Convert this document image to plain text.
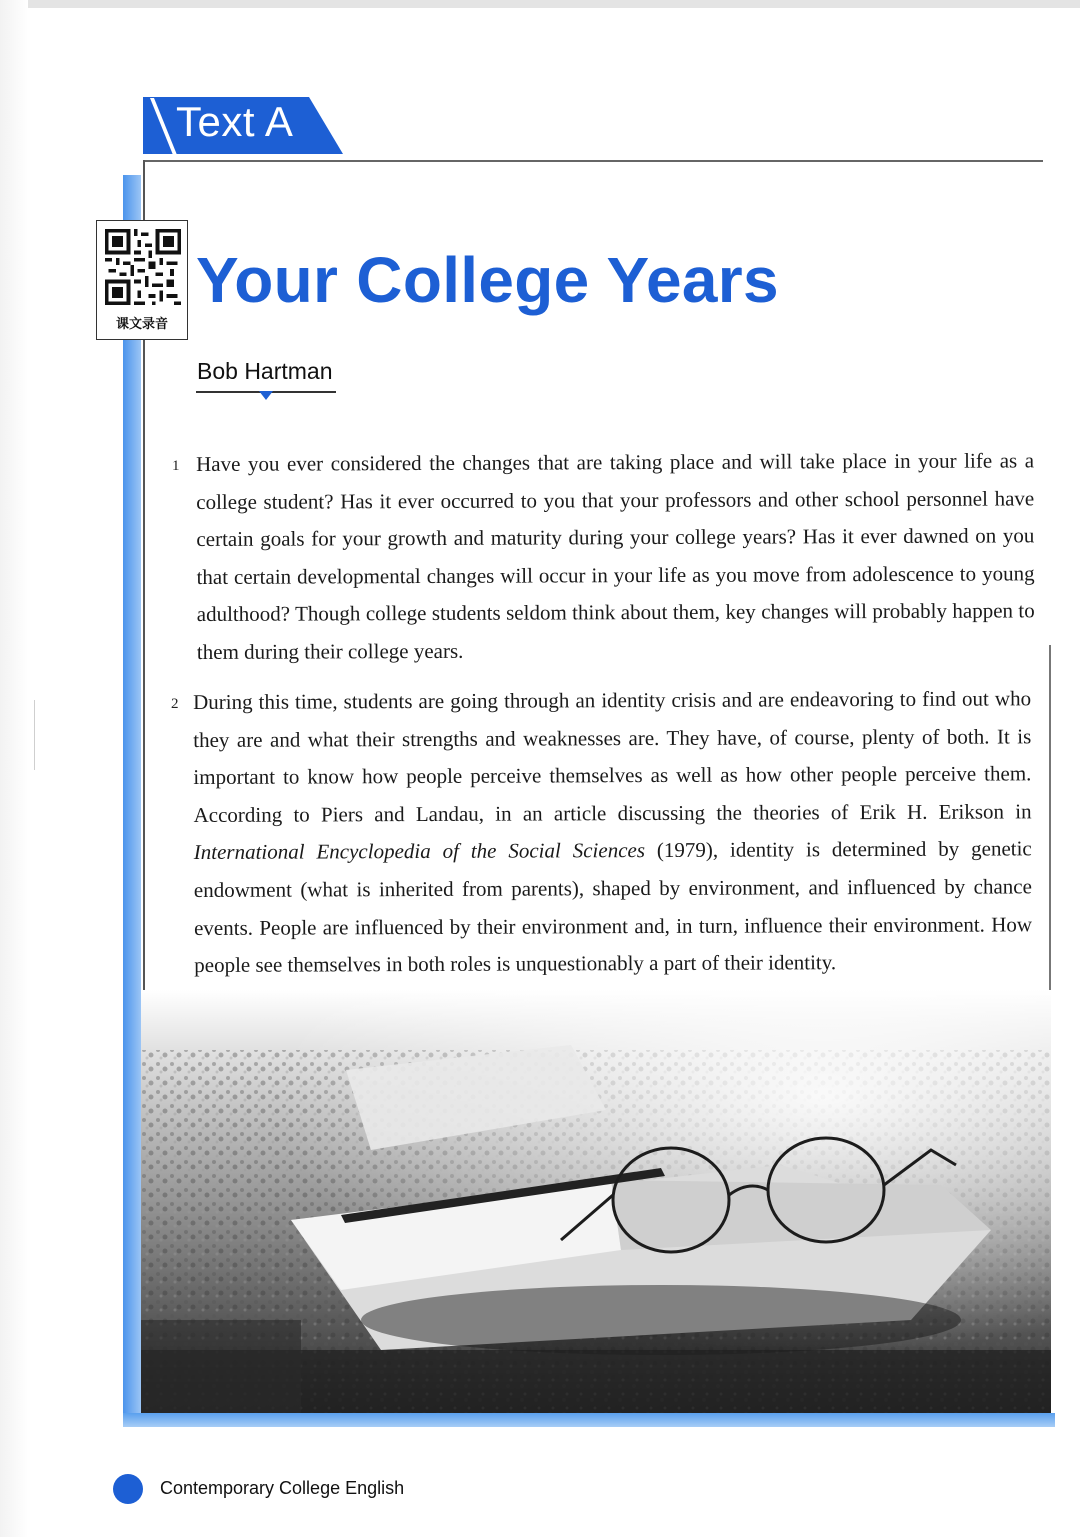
Text A
课文录音
Your College Years
Bob Hartman
1 Have you ever considered the changes that are taking place and will take place in your life as a college student? Has it ever occurred to you that your professors and other school personnel have certain goals for your growth and maturity during your college years? Has it ever dawned on you that certain developmental changes will occur in your life as you move from adolescence to young adulthood? Though college students seldom think about them, key changes will probably happen to them during their college years.

2 During this time, students are going through an identity crisis and are endeavoring to find out who they are and what their strengths and weaknesses are. They have, of course, plenty of both. It is important to know how people perceive themselves as well as how other people perceive them. According to Piers and Landau, in an article discussing the theories of Erik H. Erikson in International Encyclopedia of the Social Sciences (1979), identity is determined by genetic endowment (what is inherited from parents), shaped by environment, and influenced by chance events. People are influenced by their environment and, in turn, influence their environment. How people see themselves in both roles is unquestionably a part of their identity.

Contemporary College English
